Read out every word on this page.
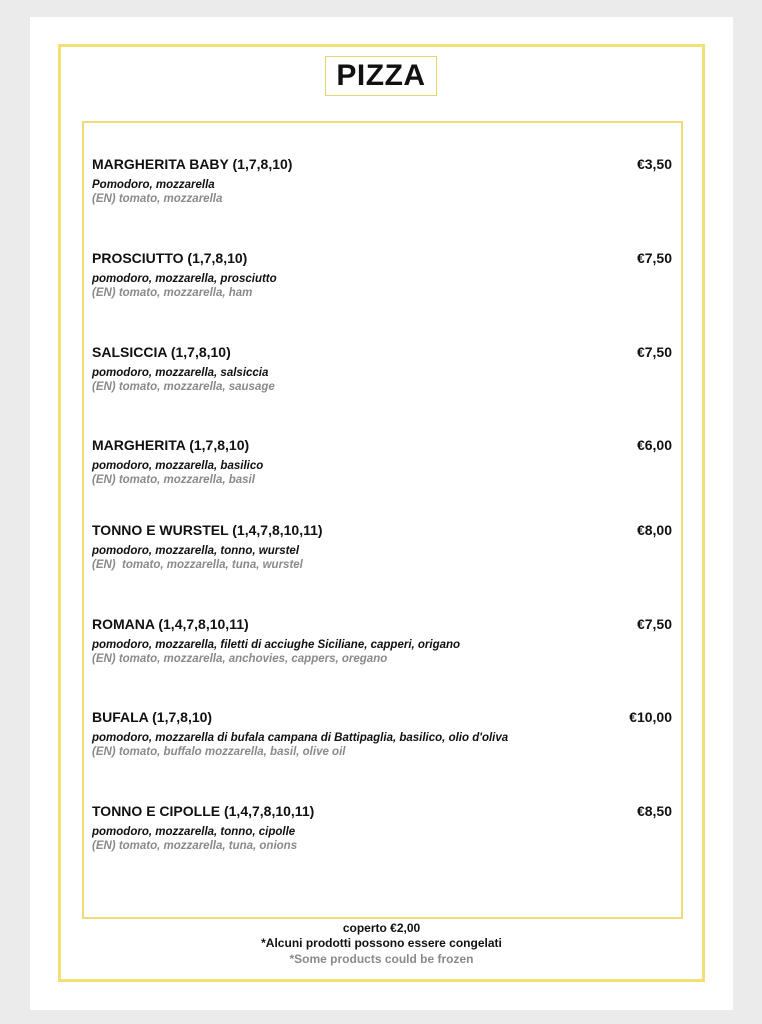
PIZZA
MARGHERITA BABY (1,7,8,10)	€3,50
Pomodoro, mozzarella
(EN) tomato, mozzarella
PROSCIUTTO (1,7,8,10)	€7,50
pomodoro, mozzarella, prosciutto
(EN) tomato, mozzarella, ham
SALSICCIA (1,7,8,10)	€7,50
pomodoro, mozzarella, salsiccia
(EN) tomato, mozzarella, sausage
MARGHERITA (1,7,8,10)	€6,00
pomodoro, mozzarella, basilico
(EN) tomato, mozzarella, basil
TONNO E WURSTEL (1,4,7,8,10,11)	€8,00
pomodoro, mozzarella, tonno, wurstel
(EN)  tomato, mozzarella, tuna, wurstel
ROMANA (1,4,7,8,10,11)	€7,50
pomodoro, mozzarella, filetti di acciughe Siciliane, capperi, origano
(EN) tomato, mozzarella, anchovies, cappers, oregano
BUFALA (1,7,8,10)	€10,00
pomodoro, mozzarella di bufala campana di Battipaglia, basilico, olio d'oliva
(EN) tomato, buffalo mozzarella, basil, olive oil
TONNO E CIPOLLE (1,4,7,8,10,11)	€8,50
pomodoro, mozzarella, tonno, cipolle
(EN) tomato, mozzarella, tuna, onions
coperto €2,00
*Alcuni prodotti possono essere congelati
*Some products could be frozen
